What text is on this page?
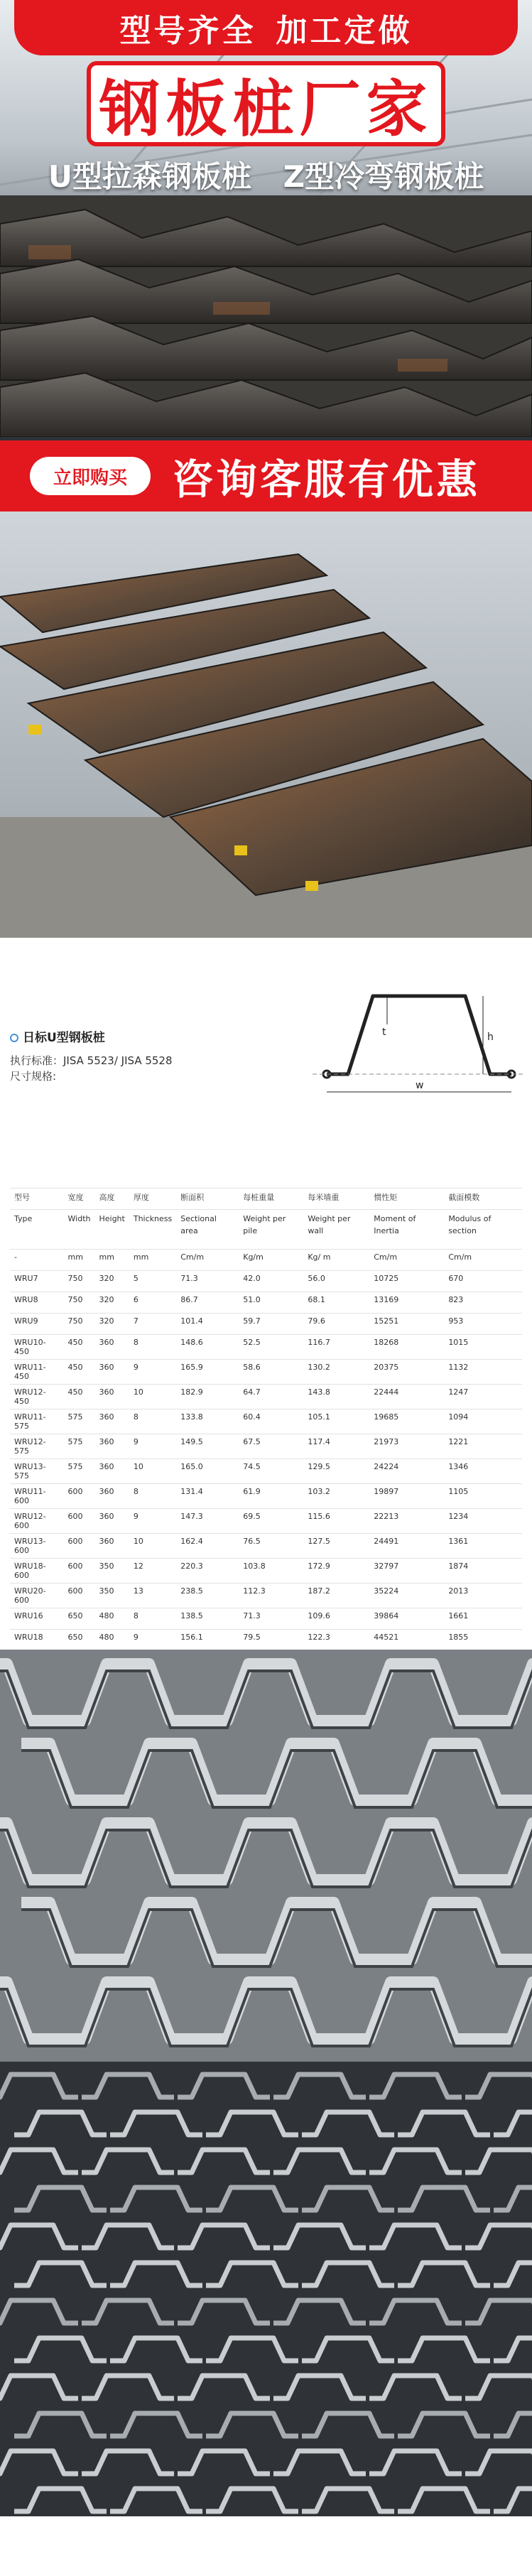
型号齐全 加工定做
钢板桩厂家
U型拉森钢板桩 Z型冷弯钢板桩
立即购买 咨询客服有优惠
日标U型钢板桩
执行标准：JISA 5523/ JISA 5528
尺寸规格:
t	h
w
型号	宽度	高度	厚度	断面积	每桩重量	每米墙重	惯性矩	截面模数
Type	Width	Height	Thickness	Sectional area	Weight per pile	Weight per wall	Moment of Inertia	Modulus of section
-	mm	mm	mm	Cm/m	Kg/m	Kg/ m	Cm/m	Cm/m
WRU7	750	320	5	71.3	42.0	56.0	10725	670
WRU8	750	320	6	86.7	51.0	68.1	13169	823
WRU9	750	320	7	101.4	59.7	79.6	15251	953
WRU10-450	450	360	8	148.6	52.5	116.7	18268	1015
WRU11-450	450	360	9	165.9	58.6	130.2	20375	1132
WRU12-450	450	360	10	182.9	64.7	143.8	22444	1247
WRU11-575	575	360	8	133.8	60.4	105.1	19685	1094
WRU12-575	575	360	9	149.5	67.5	117.4	21973	1221
WRU13-575	575	360	10	165.0	74.5	129.5	24224	1346
WRU11-600	600	360	8	131.4	61.9	103.2	19897	1105
WRU12-600	600	360	9	147.3	69.5	115.6	22213	1234
WRU13-600	600	360	10	162.4	76.5	127.5	24491	1361
WRU18-600	600	350	12	220.3	103.8	172.9	32797	1874
WRU20-600	600	350	13	238.5	112.3	187.2	35224	2013
WRU16	650	480	8	138.5	71.3	109.6	39864	1661
WRU18	650	480	9	156.1	79.5	122.3	44521	1855
